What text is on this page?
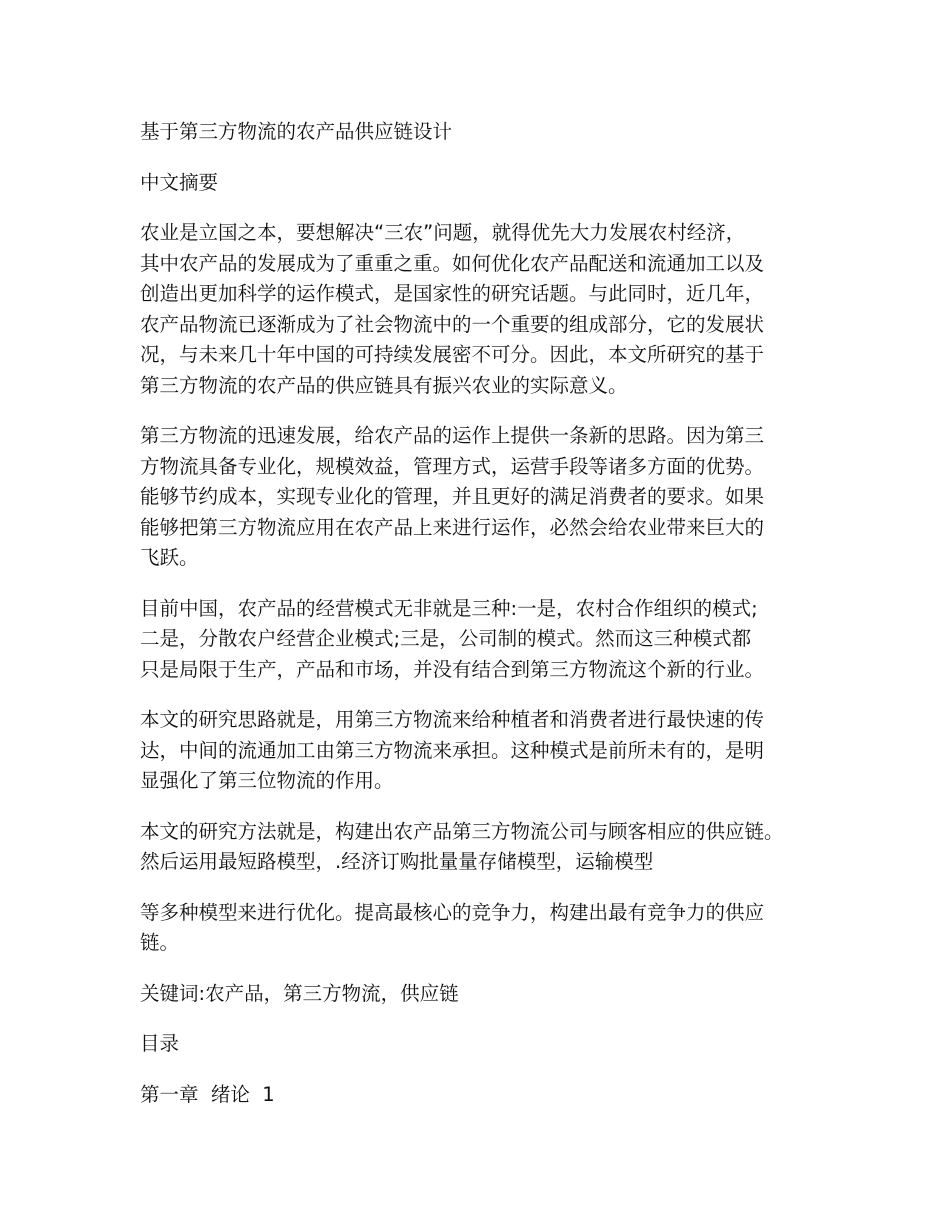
基于第三方物流的农产品供应链设计

中文摘要

农业是立国之本，要想解决“三农”问题，就得优先大力发展农村经济，
其中农产品的发展成为了重重之重。如何优化农产品配送和流通加工以及
创造出更加科学的运作模式，是国家性的研究话题。与此同时，近几年，
农产品物流已逐渐成为了社会物流中的一个重要的组成部分，它的发展状
况，与未来几十年中国的可持续发展密不可分。因此，本文所研究的基于
第三方物流的农产品的供应链具有振兴农业的实际意义。
第三方物流的迅速发展，给农产品的运作上提供一条新的思路。因为第三
方物流具备专业化，规模效益，管理方式，运营手段等诸多方面的优势。
能够节约成本，实现专业化的管理，并且更好的满足消费者的要求。如果
能够把第三方物流应用在农产品上来进行运作，必然会给农业带来巨大的
飞跃。
目前中国，农产品的经营模式无非就是三种:一是，农村合作组织的模式;
二是，分散农户经营企业模式;三是，公司制的模式。然而这三种模式都
只是局限于生产，产品和市场，并没有结合到第三方物流这个新的行业。
本文的研究思路就是，用第三方物流来给种植者和消费者进行最快速的传
达，中间的流通加工由第三方物流来承担。这种模式是前所未有的，是明
显强化了第三位物流的作用。
本文的研究方法就是，构建出农产品第三方物流公司与顾客相应的供应链。
然后运用最短路模型，.经济订购批量量存储模型，运输模型
等多种模型来进行优化。提高最核心的竞争力，构建出最有竞争力的供应
链。

关键词:农产品，第三方物流，供应链

目录

第一章  绪论  1
